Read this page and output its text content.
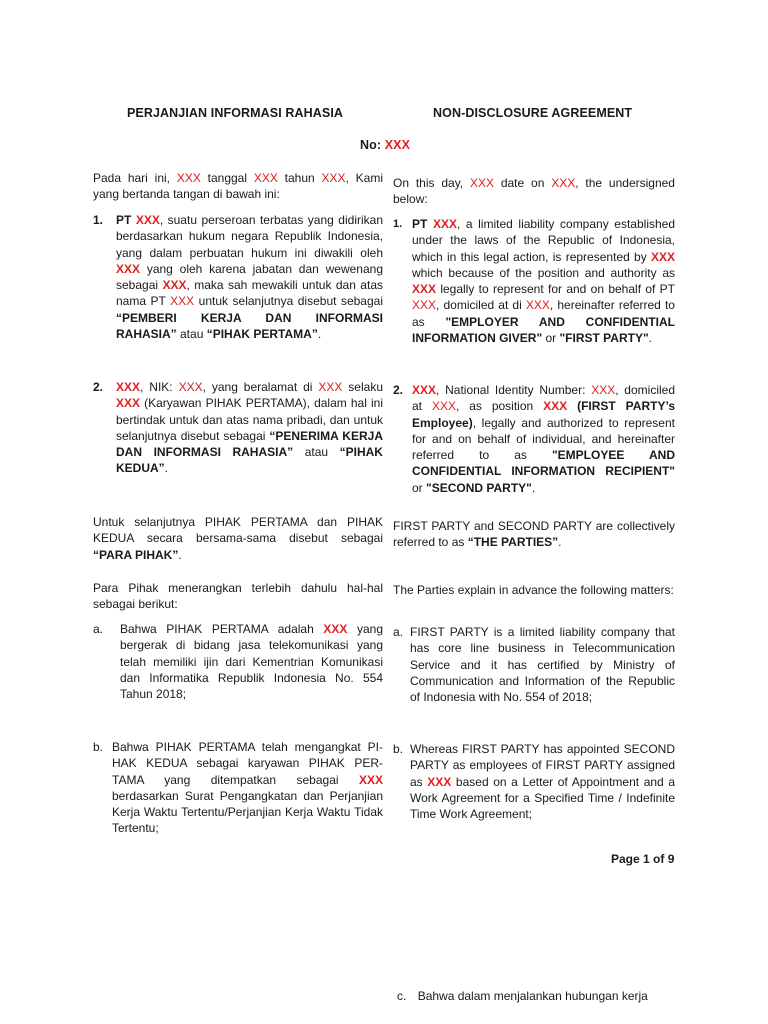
PERJANJIAN INFORMASI RAHASIA	NON-DISCLOSURE AGREEMENT
No: XXX
Pada hari ini, XXX tanggal XXX tahun XXX, Kami yang bertanda tangan di bawah ini:
1. PT XXX, suatu perseroan terbatas yang didirikan berdasarkan hukum negara Republik Indonesia, yang dalam perbuatan hukum ini diwakili oleh XXX yang oleh karena jabatan dan wewenang sebagai XXX, maka sah mewakili untuk dan atas nama PT XXX untuk selanjutnya disebut sebagai “PEMBERI KERJA DAN INFORMASI RAHASIA” atau “PIHAK PERTAMA”.
2. XXX, NIK: XXX, yang beralamat di XXX selaku XXX (Karyawan PIHAK PERTAMA), dalam hal ini bertindak untuk dan atas nama pribadi, dan untuk selanjutnya disebut sebagai “PENERIMA KERJA DAN INFORMASI RAHASIA” atau “PIHAK KEDUA”.
Untuk selanjutnya PIHAK PERTAMA dan PIHAK KEDUA secara bersama-sama disebut sebagai “PARA PIHAK”.
Para Pihak menerangkan terlebih dahulu hal-hal sebagai berikut:
a. Bahwa PIHAK PERTAMA adalah XXX yang bergerak di bidang jasa telekomunikasi yang telah memiliki ijin dari Kementrian Komunikasi dan Informatika Republik Indonesia No. 554 Tahun 2018;
b. Bahwa PIHAK PERTAMA telah mengangkat PI- HAK KEDUA sebagai karyawan PIHAK PER- TAMA yang ditempatkan sebagai XXX berdasarkan Surat Pengangkatan dan Perjanjian Kerja Waktu Tertentu/Perjanjian Kerja Waktu Tidak Tertentu;
On this day, XXX date on XXX, the undersigned below:
1. PT XXX, a limited liability company established under the laws of the Republic of Indonesia, which in this legal action, is represented by XXX which because of the position and authority as XXX legally to represent for and on behalf of PT XXX, domiciled at di XXX, hereinafter referred to as "EMPLOYER AND CONFIDENTIAL INFORMATION GIVER" or "FIRST PARTY".
2. XXX, National Identity Number: XXX, domiciled at XXX, as position XXX (FIRST PARTY’s Employee), legally and authorized to represent for and on behalf of individual, and hereinafter referred to as "EMPLOYEE AND CONFIDENTIAL INFORMATION RECIPIENT" or "SECOND PARTY".
FIRST PARTY and SECOND PARTY are collectively referred to as “THE PARTIES”.
The Parties explain in advance the following matters:
a. FIRST PARTY is a limited liability company that has core line business in Telecommunication Service and it has certified by Ministry of Communication and Information of the Republic of Indonesia with No. 554 of 2018;
b. Whereas FIRST PARTY has appointed SECOND PARTY as employees of FIRST PARTY assigned as XXX based on a Letter of Appointment and a Work Agreement for a Specified Time / Indefinite Time Work Agreement;
Page 1 of 9
c. Bahwa dalam menjalankan hubungan kerja
